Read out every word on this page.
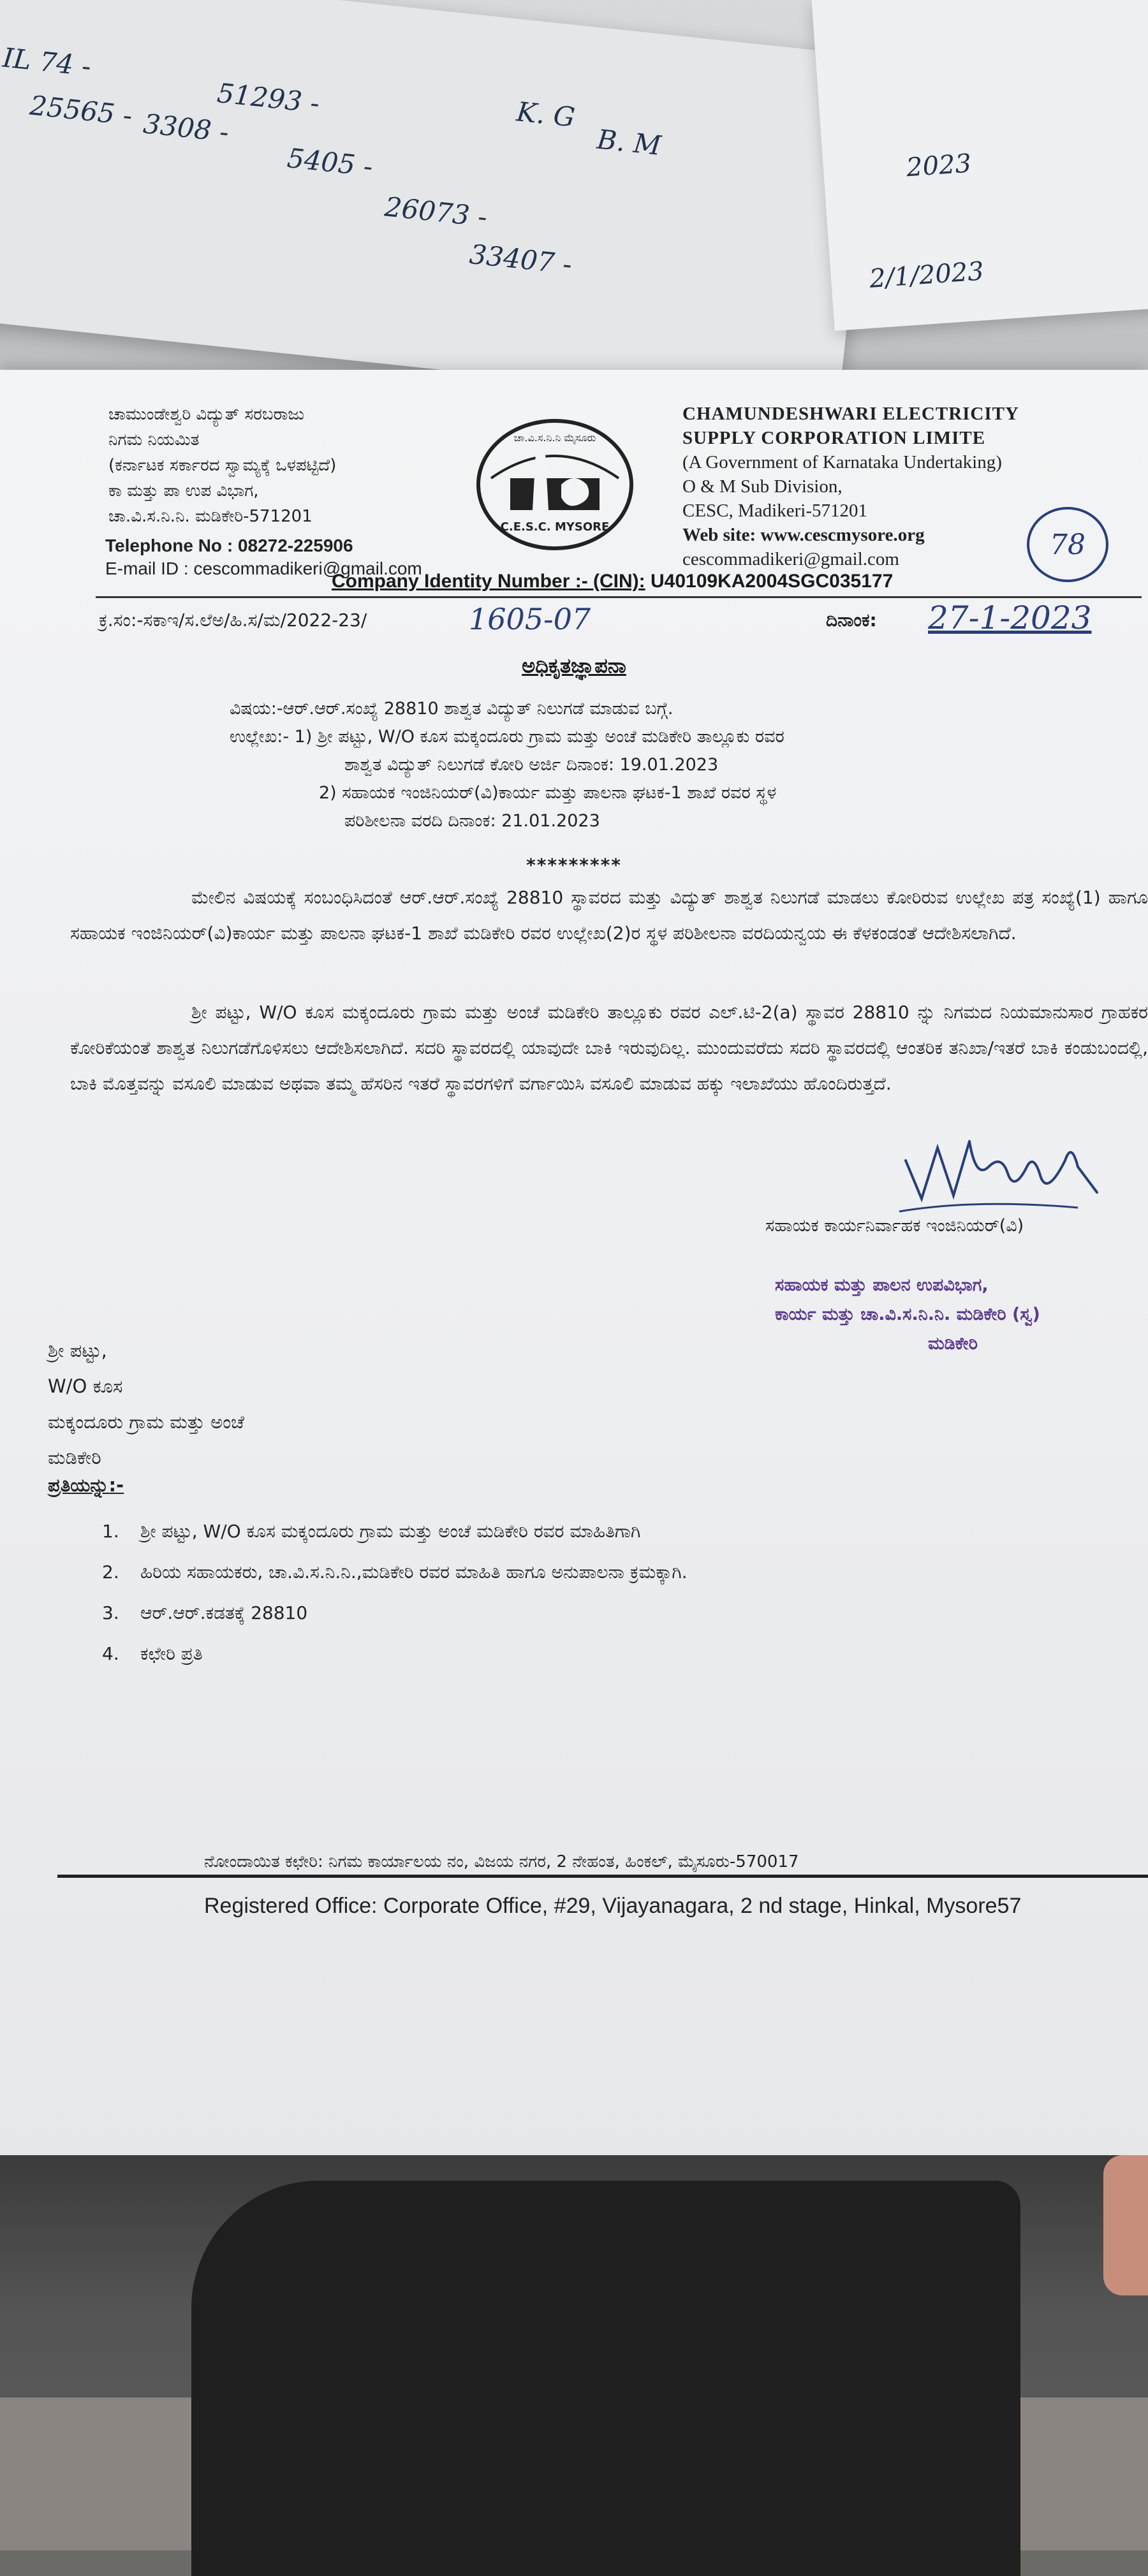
IL 74 -
25565 - 3308 -
51293 -
5405 -
26073 -
K. G
33407 -
B. M
2023
2/1/2023
ಚಾಮುಂಡೇಶ್ವರಿ ವಿದ್ಯುತ್ ಸರಬರಾಜು
ನಿಗಮ ನಿಯಮಿತ
(ಕರ್ನಾಟಕ ಸರ್ಕಾರದ ಸ್ವಾಮ್ಯಕ್ಕೆ ಒಳಪಟ್ಟಿದೆ)
ಕಾ ಮತ್ತು ಪಾ ಉಪ ವಿಭಾಗ,
ಚಾ.ವಿ.ಸ.ನಿ.ನಿ. ಮಡಿಕೇರಿ-571201
Telephone No : 08272-225906
E-mail ID : cescommadikeri@gmail.com
ಚಾ.ವಿ.ಸ.ನಿ.ನಿ ಮೈಸೂರು
C.E.S.C. MYSORE
CHAMUNDESHWARI ELECTRICITY
SUPPLY CORPORATION LIMITE
(A Government of Karnataka Undertaking)
O & M Sub Division,
CESC, Madikeri-571201
Web site: www.cescmysore.org
cescommadikeri@gmail.com	78
Company Identity Number :- (CIN): U40109KA2004SGC035177
ಕ್ರ.ಸಂ:-ಸಕಾಇ/ಸ.ಲೆಅ/ಹಿ.ಸ/ಮ/2022-23/	1605-07	ದಿನಾಂಕ: 27-1-2023
ಅಧಿಕೃತಜ್ಞಾಪನಾ
ವಿಷಯ:-ಆರ್.ಆರ್.ಸಂಖ್ಯೆ 28810 ಶಾಶ್ವತ ವಿದ್ಯುತ್ ನಿಲುಗಡೆ ಮಾಡುವ ಬಗ್ಗೆ.
ಉಲ್ಲೇಖ:- 1) ಶ್ರೀ ಪಟ್ಟು, W/O ಕೂಸ ಮಕ್ಕಂದೂರು ಗ್ರಾಮ ಮತ್ತು ಅಂಚೆ ಮಡಿಕೇರಿ ತಾಲ್ಲೂಕು ರವರ
ಶಾಶ್ವತ ವಿದ್ಯುತ್ ನಿಲುಗಡೆ ಕೋರಿ ಅರ್ಜಿ ದಿನಾಂಕ: 19.01.2023
2) ಸಹಾಯಕ ಇಂಜಿನಿಯರ್(ವಿ)ಕಾರ್ಯ ಮತ್ತು ಪಾಲನಾ ಘಟಕ-1 ಶಾಖೆ ರವರ ಸ್ಥಳ
ಪರಿಶೀಲನಾ ವರದಿ ದಿನಾಂಕ: 21.01.2023
*********
ಮೇಲಿನ ವಿಷಯಕ್ಕೆ ಸಂಬಂಧಿಸಿದಂತೆ ಆರ್.ಆರ್.ಸಂಖ್ಯೆ 28810 ಸ್ಥಾವರದ ಮತ್ತು ವಿದ್ಯುತ್ ಶಾಶ್ವತ ನಿಲುಗಡೆ ಮಾಡಲು ಕೋರಿರುವ ಉಲ್ಲೇಖ ಪತ್ರ ಸಂಖ್ಯೆ(1) ಹಾಗೂ ಸಹಾಯಕ ಇಂಜಿನಿಯರ್(ವಿ)ಕಾರ್ಯ ಮತ್ತು ಪಾಲನಾ ಘಟಕ-1 ಶಾಖೆ ಮಡಿಕೇರಿ ರವರ ಉಲ್ಲೇಖ(2)ರ ಸ್ಥಳ ಪರಿಶೀಲನಾ ವರದಿಯನ್ವಯ ಈ ಕೆಳಕಂಡಂತೆ ಆದೇಶಿಸಲಾಗಿದೆ.
ಶ್ರೀ ಪಟ್ಟು, W/O ಕೂಸ ಮಕ್ಕಂದೂರು ಗ್ರಾಮ ಮತ್ತು ಅಂಚೆ ಮಡಿಕೇರಿ ತಾಲ್ಲೂಕು ರವರ ಎಲ್.ಟಿ-2(a) ಸ್ಥಾವರ 28810 ನ್ನು ನಿಗಮದ ನಿಯಮಾನುಸಾರ ಗ್ರಾಹಕರ ಕೋರಿಕೆಯಂತೆ ಶಾಶ್ವತ ನಿಲುಗಡೆಗೊಳಿಸಲು ಆದೇಶಿಸಲಾಗಿದೆ. ಸದರಿ ಸ್ಥಾವರದಲ್ಲಿ ಯಾವುದೇ ಬಾಕಿ ಇರುವುದಿಲ್ಲ. ಮುಂದುವರೆದು ಸದರಿ ಸ್ಥಾವರದಲ್ಲಿ ಆಂತರಿಕ ತನಿಖಾ/ಇತರೆ ಬಾಕಿ ಕಂಡುಬಂದಲ್ಲಿ, ಬಾಕಿ ಮೊತ್ತವನ್ನು ವಸೂಲಿ ಮಾಡುವ ಅಥವಾ ತಮ್ಮ ಹೆಸರಿನ ಇತರೆ ಸ್ಥಾವರಗಳಿಗೆ ವರ್ಗಾಯಿಸಿ ವಸೂಲಿ ಮಾಡುವ ಹಕ್ಕು ಇಲಾಖೆಯು ಹೊಂದಿರುತ್ತದೆ.
ಸಹಾಯಕ ಕಾರ್ಯನಿರ್ವಾಹಕ ಇಂಜಿನಿಯರ್(ವಿ)
ಸಹಾಯಕ ಮತ್ತು ಪಾಲನ ಉಪವಿಭಾಗ,
ಕಾರ್ಯ ಮತ್ತು ಚಾ.ವಿ.ಸ.ನಿ.ನಿ. ಮಡಿಕೇರಿ (ಸ್ವ)
ಮಡಿಕೇರಿ
ಶ್ರೀ ಪಟ್ಟು,
W/O ಕೂಸ
ಮಕ್ಕಂದೂರು ಗ್ರಾಮ ಮತ್ತು ಅಂಚೆ
ಮಡಿಕೇರಿ
ಪ್ರತಿಯನ್ನು:-
1. ಶ್ರೀ ಪಟ್ಟು, W/O ಕೂಸ ಮಕ್ಕಂದೂರು ಗ್ರಾಮ ಮತ್ತು ಅಂಚೆ ಮಡಿಕೇರಿ ರವರ ಮಾಹಿತಿಗಾಗಿ
2. ಹಿರಿಯ ಸಹಾಯಕರು, ಚಾ.ವಿ.ಸ.ನಿ.ನಿ.,ಮಡಿಕೇರಿ ರವರ ಮಾಹಿತಿ ಹಾಗೂ ಅನುಪಾಲನಾ ಕ್ರಮಕ್ಕಾಗಿ.
3. ಆರ್.ಆರ್.ಕಡತಕ್ಕೆ 28810
4. ಕಛೇರಿ ಪ್ರತಿ
ನೋಂದಾಯಿತ ಕಛೇರಿ: ನಿಗಮ ಕಾರ್ಯಾಲಯ ನಂ, ವಿಜಯ ನಗರ, 2 ನೇಹಂತ, ಹಿಂಕಲ್, ಮೈಸೂರು-570017
Registered Office: Corporate Office, #29, Vijayanagara, 2 nd stage, Hinkal, Mysore57
